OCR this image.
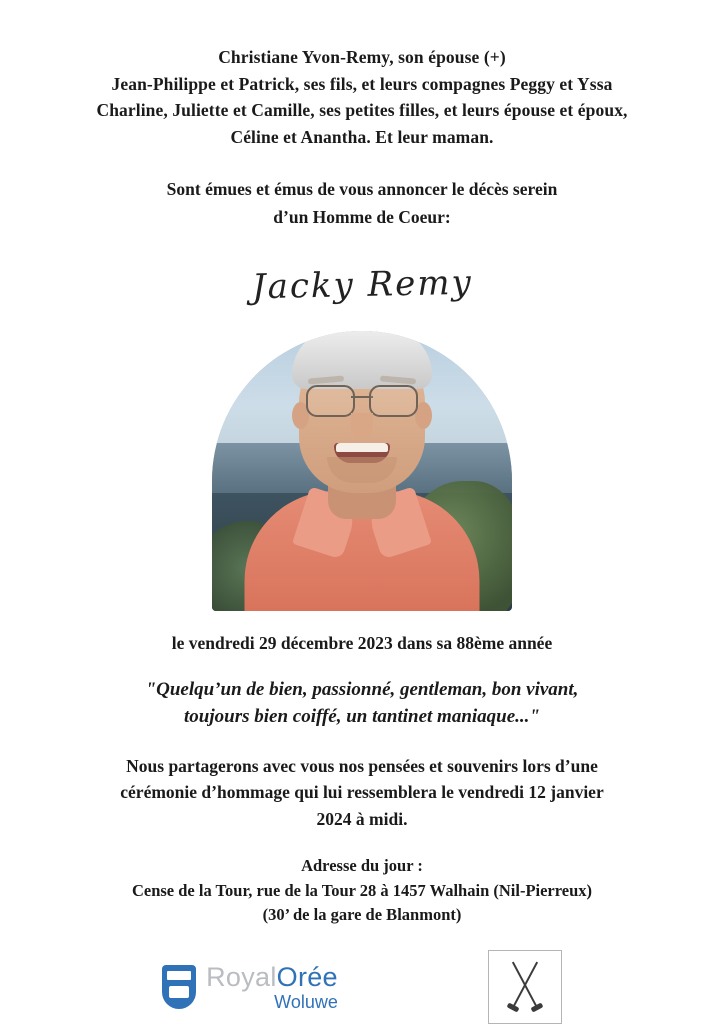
Christiane Yvon-Remy, son épouse (+)
Jean-Philippe et Patrick, ses fils, et leurs compagnes Peggy et Yssa
Charline, Juliette et Camille, ses petites filles, et leurs épouse et époux,
Céline et Anantha. Et leur maman.
Sont émues et émus de vous annoncer le décès serein
d’un Homme de Coeur:
Jacky Remy
le vendredi 29 décembre 2023 dans sa 88ème année
"Quelqu’un de bien, passionné, gentleman, bon vivant,
toujours bien coiffé, un tantinet maniaque..."
Nous partagerons avec vous nos pensées et souvenirs lors d’une
cérémonie d’hommage qui lui ressemblera le vendredi 12 janvier
2024 à midi.
Adresse du jour :
Cense de la Tour, rue de la Tour 28 à 1457 Walhain (Nil-Pierreux)
(30’ de la gare de Blanmont)
RoyalOrée
Woluwe
